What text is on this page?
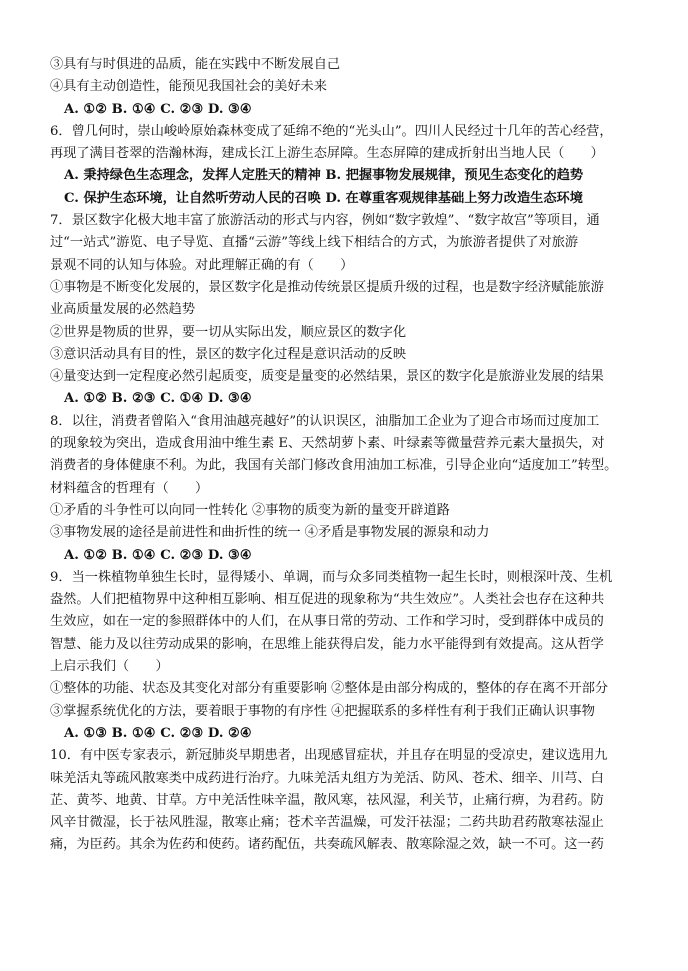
③具有与时俱进的品质，能在实践中不断发展自己
④具有主动创造性，能预见我国社会的美好未来
A. ①② B. ①④ C. ②③ D. ③④
6．曾几何时，崇山峻岭原始森林变成了延绵不绝的“光头山”。四川人民经过十几年的苦心经营，
再现了满目苍翠的浩瀚林海，建成长江上游生态屏障。生态屏障的建成折射出当地人民（　　）
A. 秉持绿色生态理念，发挥人定胜天的精神 B. 把握事物发展规律，预见生态变化的趋势
C. 保护生态环境，让自然听劳动人民的召唤 D. 在尊重客观规律基础上努力改造生态环境
7．景区数字化极大地丰富了旅游活动的形式与内容，例如“数字敦煌”、“数字故宫”等项目，通
过“一站式”游览、电子导览、直播“云游”等线上线下相结合的方式，为旅游者提供了对旅游
景观不同的认知与体验。对此理解正确的有（　　）
①事物是不断变化发展的，景区数字化是推动传统景区提质升级的过程，也是数字经济赋能旅游
业高质量发展的必然趋势
②世界是物质的世界，要一切从实际出发，顺应景区的数字化
③意识活动具有目的性，景区的数字化过程是意识活动的反映
④量变达到一定程度必然引起质变，质变是量变的必然结果，景区的数字化是旅游业发展的结果
A. ①② B. ②③ C. ①④ D. ③④
8．以往，消费者曾陷入“食用油越亮越好”的认识误区，油脂加工企业为了迎合市场而过度加工
的现象较为突出，造成食用油中维生素 E、天然胡萝卜素、叶绿素等微量营养元素大量损失，对
消费者的身体健康不利。为此，我国有关部门修改食用油加工标准，引导企业向“适度加工”转型。
材料蕴含的哲理有（　　）
①矛盾的斗争性可以向同一性转化 ②事物的质变为新的量变开辟道路
③事物发展的途径是前进性和曲折性的统一 ④矛盾是事物发展的源泉和动力
A. ①② B. ①④ C. ②③ D. ③④
9．当一株植物单独生长时，显得矮小、单调，而与众多同类植物一起生长时，则根深叶茂、生机
盎然。人们把植物界中这种相互影响、相互促进的现象称为“共生效应”。人类社会也存在这种共
生效应，如在一定的参照群体中的人们，在从事日常的劳动、工作和学习时，受到群体中成员的
智慧、能力及以往劳动成果的影响，在思维上能获得启发，能力水平能得到有效提高。这从哲学
上启示我们（　　）
①整体的功能、状态及其变化对部分有重要影响 ②整体是由部分构成的，整体的存在离不开部分
③掌握系统优化的方法，要着眼于事物的有序性 ④把握联系的多样性有利于我们正确认识事物
A. ①③ B. ①④ C. ②③ D. ②④
10．有中医专家表示，新冠肺炎早期患者，出现感冒症状，并且存在明显的受凉史，建议选用九
味羌活丸等疏风散寒类中成药进行治疗。九味羌活丸组方为羌活、防风、苍术、细辛、川芎、白
芷、黄芩、地黄、甘草。方中羌活性味辛温，散风寒，祛风湿，利关节，止痛行痹，为君药。防
风辛甘微湿，长于祛风胜湿，散寒止痛；苍术辛苦温燥，可发汗祛湿；二药共助君药散寒祛湿止
痛，为臣药。其余为佐药和使药。诸药配伍，共奏疏风解表、散寒除湿之效，缺一不可。这一药
